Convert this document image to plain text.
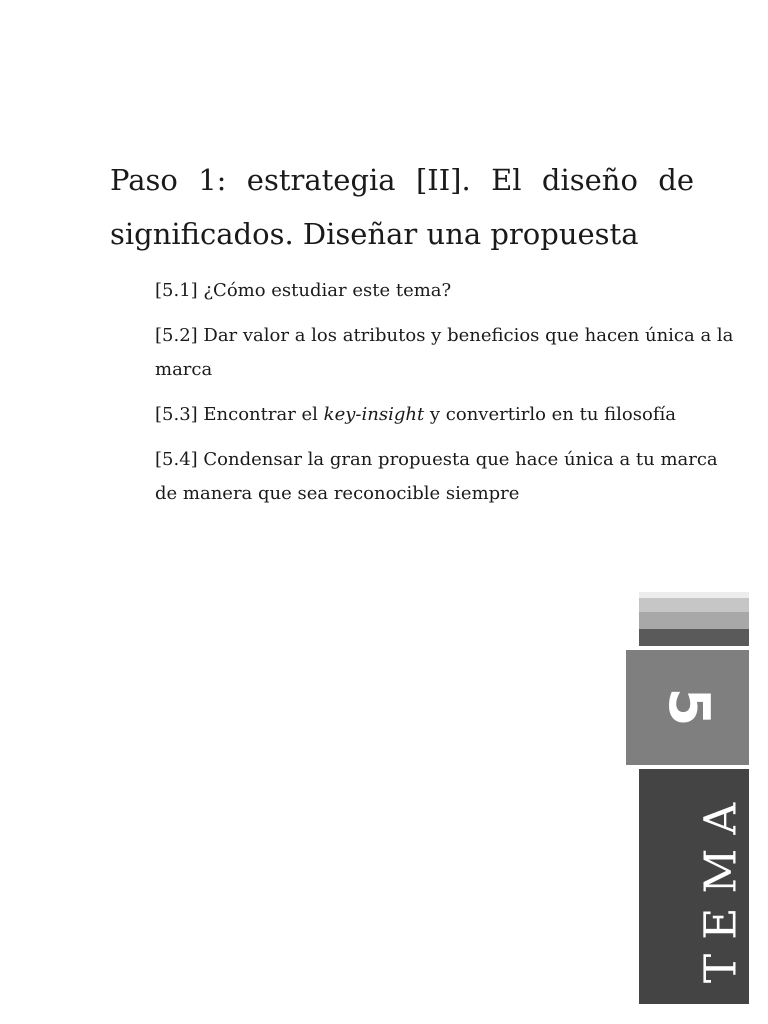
Paso 1: estrategia [II]. El diseño de significados. Diseñar una propuesta
[5.1] ¿Cómo estudiar este tema?
[5.2] Dar valor a los atributos y beneficios que hacen única a la marca
[5.3] Encontrar el key-insight y convertirlo en tu filosofía
[5.4] Condensar la gran propuesta que hace única a tu marca de manera que sea reconocible siempre
5
TEMA
